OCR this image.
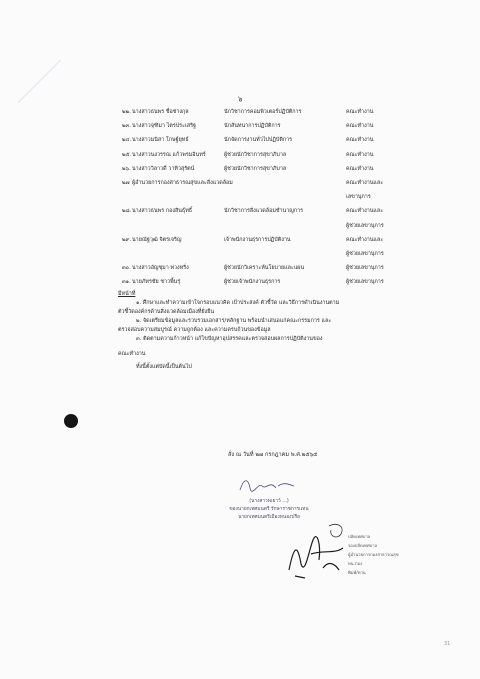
๖
๒๒. นางสาวธนพร ชื่อช่างกุล	นักวิชาการคอมพิวเตอร์ปฏิบัติการ	คณะทำงาน
๒๓. นางสาวจุฑิมา ไตรประเสริฐ	นักสันทนาการปฏิบัติการ	คณะทำงาน
๒๔. นางสาวมนิสา โกษฐ์ยุทธ์	นักจัดการงานทั่วไปปฏิบัติการ	คณะทำงาน
๒๕. นางสาวนงวรรณ แก้วพรมอินทร์	ผู้ช่วยนักวิชาการสุขาภิบาล	คณะทำงาน
๒๖. นางสาววิลาวดี วาทิวสุรัตน์	ผู้ช่วยนักวิชาการสุขาภิบาล	คณะทำงาน
๒๗ ผู้อำนวยการกองสาธารณสุขและสิ่งแวดล้อม	คณะทำงานและ
เลขานุการ
๒๘. นางสาวธนพร กองสินธุ์ทธิ์	นักวิชาการสิ่งแวดล้อมชำนาญการ	คณะทำงานและ
ผู้ช่วยเลขานุการ
๒๙. นายณัฐวุฒิ จิตรเจริญ	เจ้าพนักงานธุรการปฏิบัติงาน	คณะทำงานและ
ผู้ช่วยเลขานุการ
๓๐. นางสาวอัญชุมา พ่วงหริ่ง	ผู้ช่วยนักวิเคราะห์นโยบายและแผน	ผู้ช่วยเลขานุการ
๓๑. นายภัทรชัย ชาวพื้นรุ่	ผู้ช่วยเจ้าพนักงานธุรการ	ผู้ช่วยเลขานุการ

มีหน้าที่

๑. ศึกษาและทำความเข้าใจกรอบแนวคิด เป้าประสงค์ ตัวชี้วัด และวิธีการดำเนินงานตาม

ตัวชี้วัดองค์กรด้านสิ่งแวดล้อมเมืองที่ยั่งยืน

๒. จัดเตรียมข้อมูลและรวบรวมเอกสาร/หลักฐาน พร้อมนำเสนอแก่คณะกรรมการ และ

ตรวจสอบความสมบูรณ์ ความถูกต้อง และความครบถ้วนของข้อมูล

๓. ติดตามความก้าวหน้า แก้ไขปัญหาอุปสรรคและตรวจสอบผลการปฏิบัติงานของ

คณะทำงาน

ทั้งนี้ตั้งแต่บัดนี้เป็นต้นไป

สั่ง ณ วันที่ ๒๗ กรกฎาคม พ.ศ.๒๕๖๕
(นางสาวพเยาว์ ...)
ของนายกเทศมนตรี รักษาราชการแทน
นายกเทศมนตรีเมืองหนองปรือ
ปลัดเทศบาล
รองปลัดเทศบาล
ผู้อำนวยการกองสาธารณสุข
หน.กอง
พิมพ์/ทาน
31
